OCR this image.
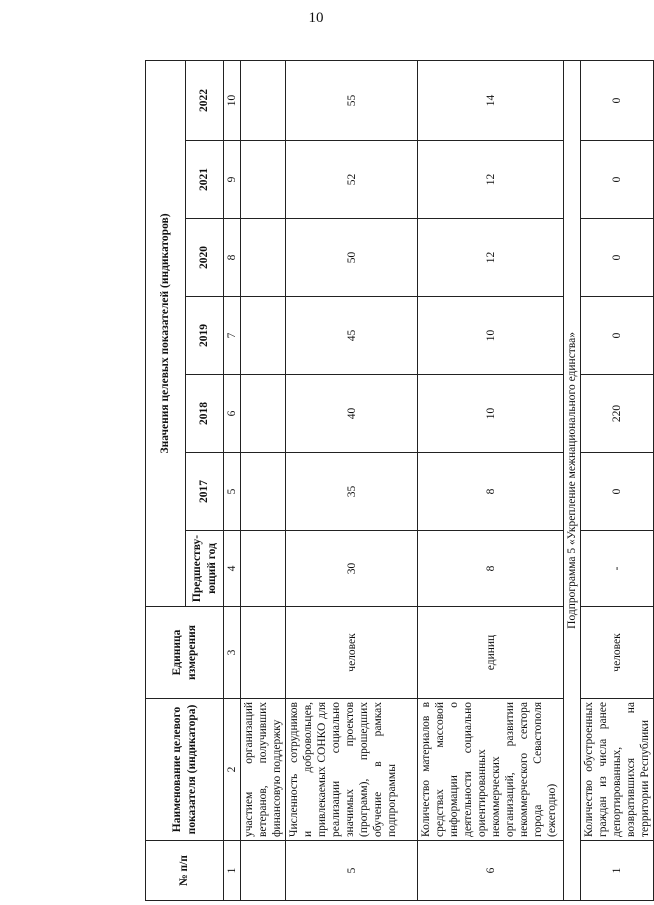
10
№ п/п	Наименование целевого показателя (индикатора)	Единица измерения	Значения целевых показателей (индикаторов)						
			Предшеству-ющий год	2017	2018	2019	2020	2021	2022
1	2	3	4	5	6	7	8	9	10
	участием организаций ветеранов, получивших финансовую поддержку								
5	Численность сотрудников и добровольцев, привлекаемых СОНКО для реализации социально значимых проектов (программ), прошедших обучение в рамках подпрограммы	человек	30	35	40	45	50	52	55
6	Количество материалов в средствах массовой информации о деятельности социально ориентированных некоммерческих организаций, развитии некоммерческого сектора города Севастополя (ежегодно)	единиц	8	8	10	10	12	12	14
Подпрограмма 5 «Укрепление межнационального единства»									
1	Количество обустроенных граждан из числа ранее депортированных, возвратившихся на территории Республики	человек	-	0	220	0	0	0	0
